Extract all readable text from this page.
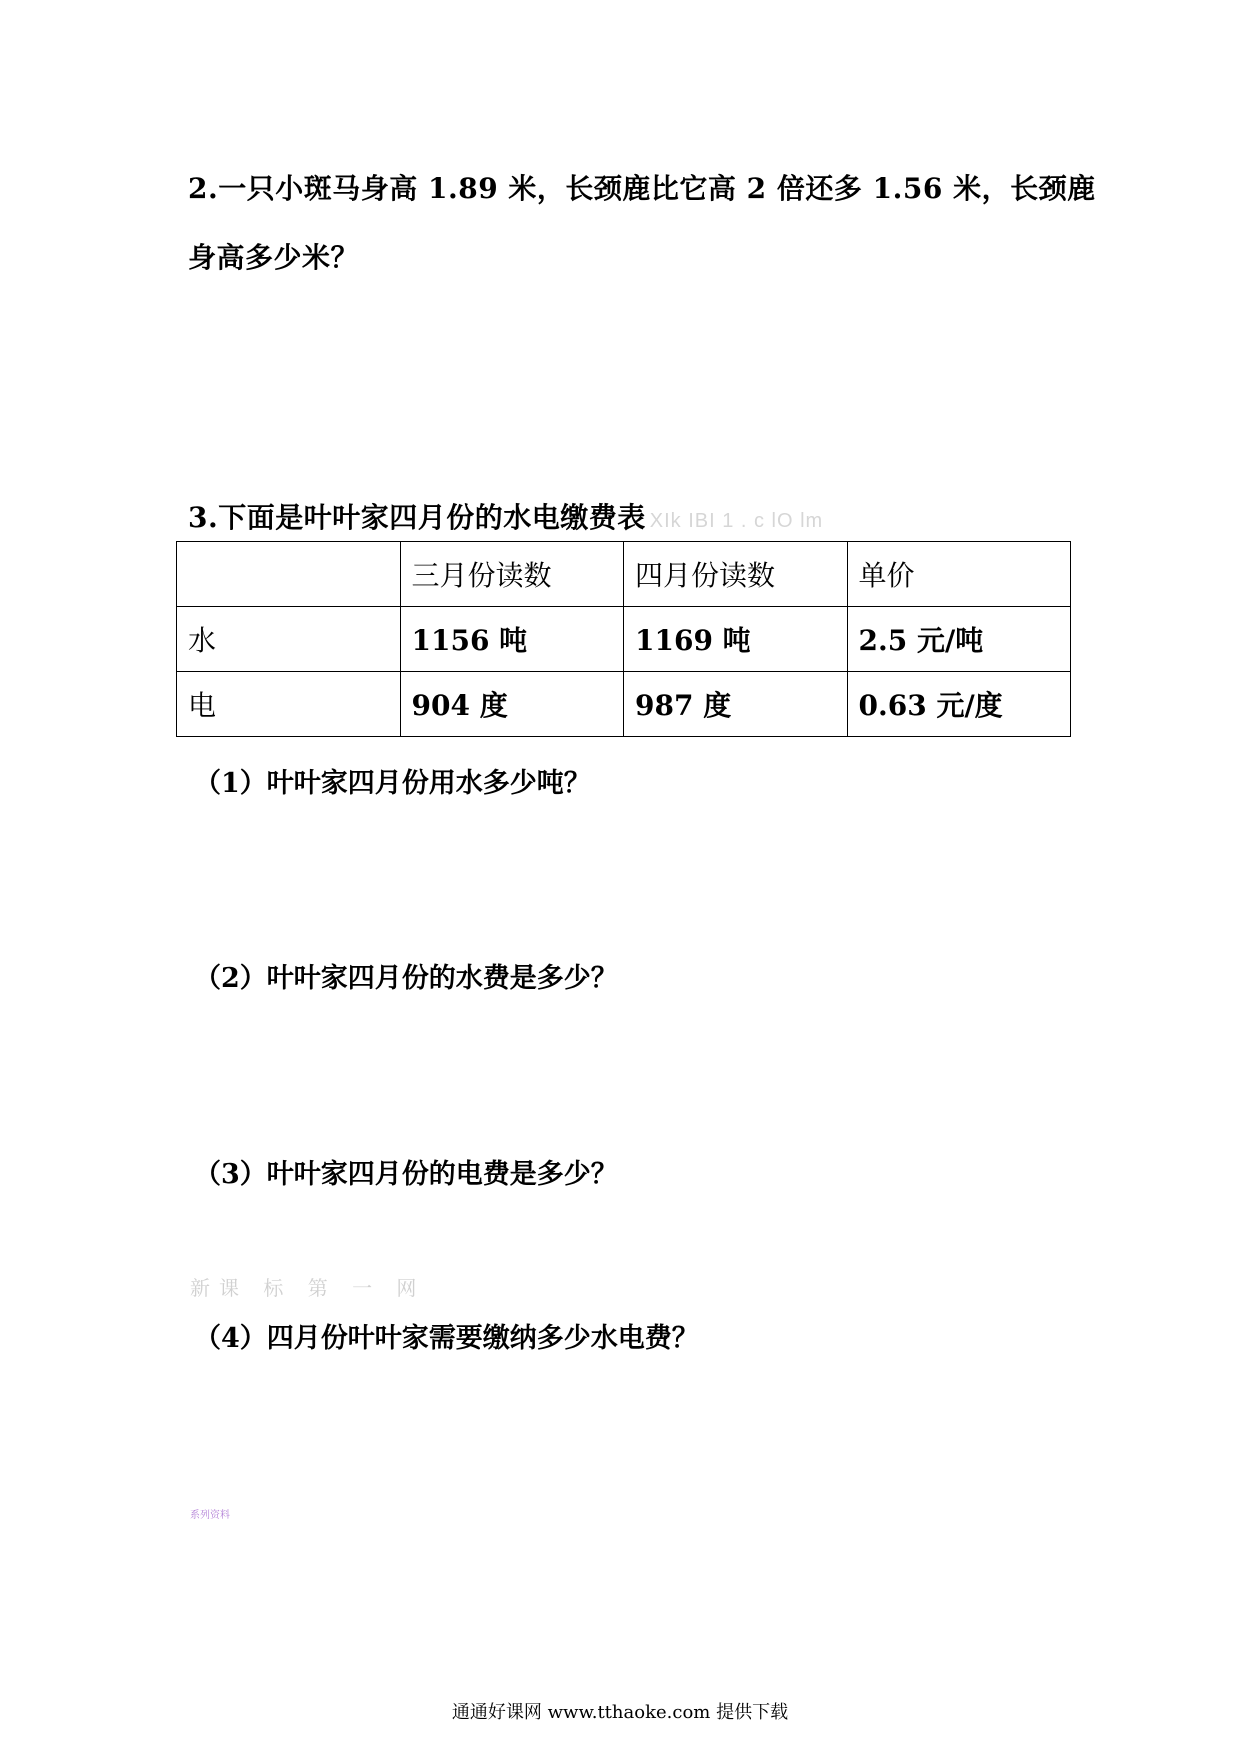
2.一只小斑马身高 1.89 米，长颈鹿比它高 2 倍还多 1.56 米，长颈鹿
身高多少米？
3.下面是叶叶家四月份的水电缴费表 XIk IBI 1 . c lO lm
	三月份读数	四月份读数	单价
水	1156 吨	1169 吨	2.5 元/吨
电	904 度	987 度	0.63 元/度
（1）叶叶家四月份用水多少吨？
（2）叶叶家四月份的水费是多少？
（3）叶叶家四月份的电费是多少？
新课 标 第 一 网
（4）四月份叶叶家需要缴纳多少水电费？
系列资料
通通好课网 www.tthaoke.com 提供下载
